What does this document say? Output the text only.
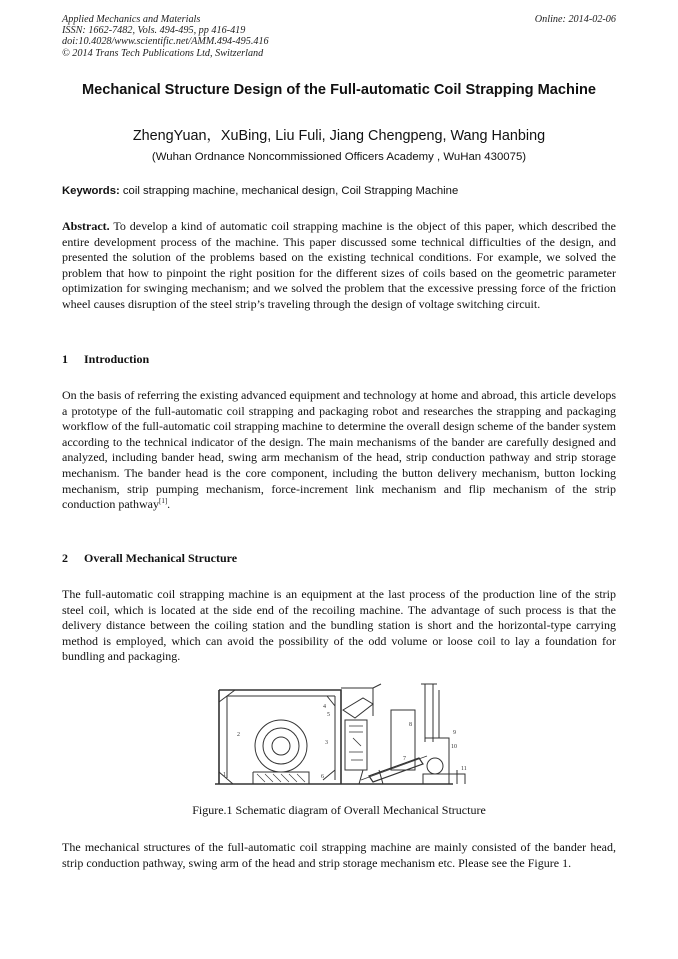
Applied Mechanics and Materials
ISSN: 1662-7482, Vols. 494-495, pp 416-419
doi:10.4028/www.scientific.net/AMM.494-495.416
© 2014 Trans Tech Publications Ltd, Switzerland
Online: 2014-02-06
Mechanical Structure Design of the Full-automatic Coil Strapping Machine
ZhengYuan，XuBing, Liu Fuli, Jiang Chengpeng, Wang Hanbing
(Wuhan Ordnance Noncommissioned Officers Academy , WuHan 430075)
Keywords: coil strapping machine, mechanical design, Coil Strapping Machine
Abstract. To develop a kind of automatic coil strapping machine is the object of this paper, which described the entire development process of the machine. This paper discussed some technical difficulties of the design, and presented the solution of the problems based on the existing technical conditions. For example, we solved the problem that how to pinpoint the right position for the different sizes of coils based on the geometric parameter optimization for swinging mechanism; and we solved the problem that the excessive pressing force of the friction wheel causes disruption of the steel strip’s traveling through the design of voltage switching circuit.
1 Introduction
On the basis of referring the existing advanced equipment and technology at home and abroad, this article develops a prototype of the full-automatic coil strapping and packaging robot and researches the strapping and packaging workflow of the full-automatic coil strapping machine to determine the overall design scheme of the bander system according to the technical indicator of the design. The main mechanisms of the bander are carefully designed and analyzed, including bander head, swing arm mechanism of the head, strip conduction pathway and strip storage mechanism. The bander head is the core component, including the button delivery mechanism, button locking mechanism, strip pumping mechanism, force-increment link mechanism and flip mechanism of the strip conduction pathway[1].
2 Overall Mechanical Structure
The full-automatic coil strapping machine is an equipment at the last process of the production line of the strip steel coil, which is located at the side end of the recoiling machine. The advantage of such process is that the delivery distance between the coiling station and the bundling station is short and the horizontal-type carrying method is employed, which can avoid the possibility of the odd volume or loose coil to lay a foundation for bundling and packaging.
1
2
3
4
5
6
7
8
9
10
11
Figure.1 Schematic diagram of Overall Mechanical Structure
The mechanical structures of the full-automatic coil strapping machine are mainly consisted of the bander head, strip conduction pathway, swing arm of the head and strip storage mechanism etc. Please see the Figure 1.
